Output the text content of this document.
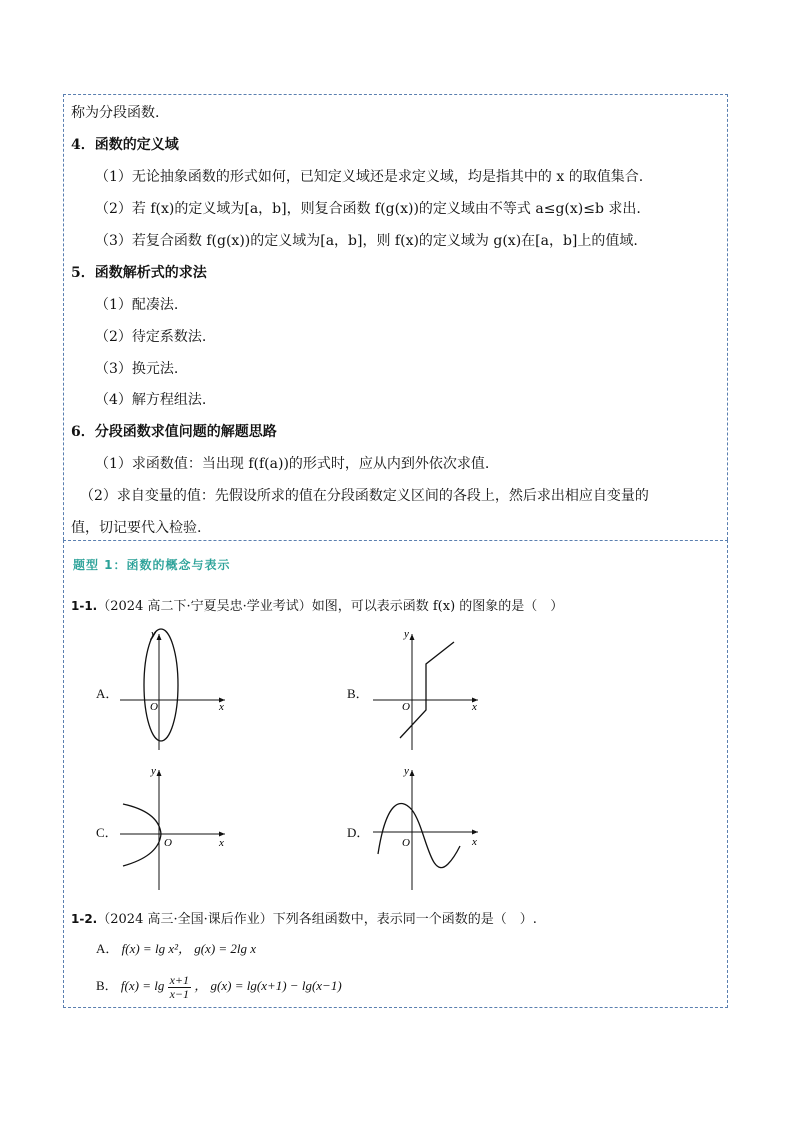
称为分段函数.
4．函数的定义域
（1）无论抽象函数的形式如何，已知定义域还是求定义域，均是指其中的 x 的取值集合.
（2）若 f(x)的定义域为[a，b]，则复合函数 f(g(x))的定义域由不等式 a≤g(x)≤b 求出.
（3）若复合函数 f(g(x))的定义域为[a，b]，则 f(x)的定义域为 g(x)在[a，b]上的值域.
5．函数解析式的求法
（1）配凑法.
（2）待定系数法.
（3）换元法.
（4）解方程组法.
6．分段函数求值问题的解题思路
（1）求函数值：当出现 f(f(a))的形式时，应从内到外依次求值.
（2）求自变量的值：先假设所求的值在分段函数定义区间的各段上，然后求出相应自变量的
值，切记要代入检验.
题型 1：函数的概念与表示
1-1.（2024 高二下·宁夏吴忠·学业考试）如图，可以表示函数 f(x) 的图象的是（　）
A．
x
y
O
B．
x
y
O
C．
x
y
O
D．
x
y
O
1-2.（2024 高三·全国·课后作业）下列各组函数中，表示同一个函数的是（　）.
A． f(x) = lg x²， g(x) = 2lg x
B． $f(x) = \lg \frac{x+1}{x-1}$ ， g(x) = lg(x+1) − lg(x−1)
